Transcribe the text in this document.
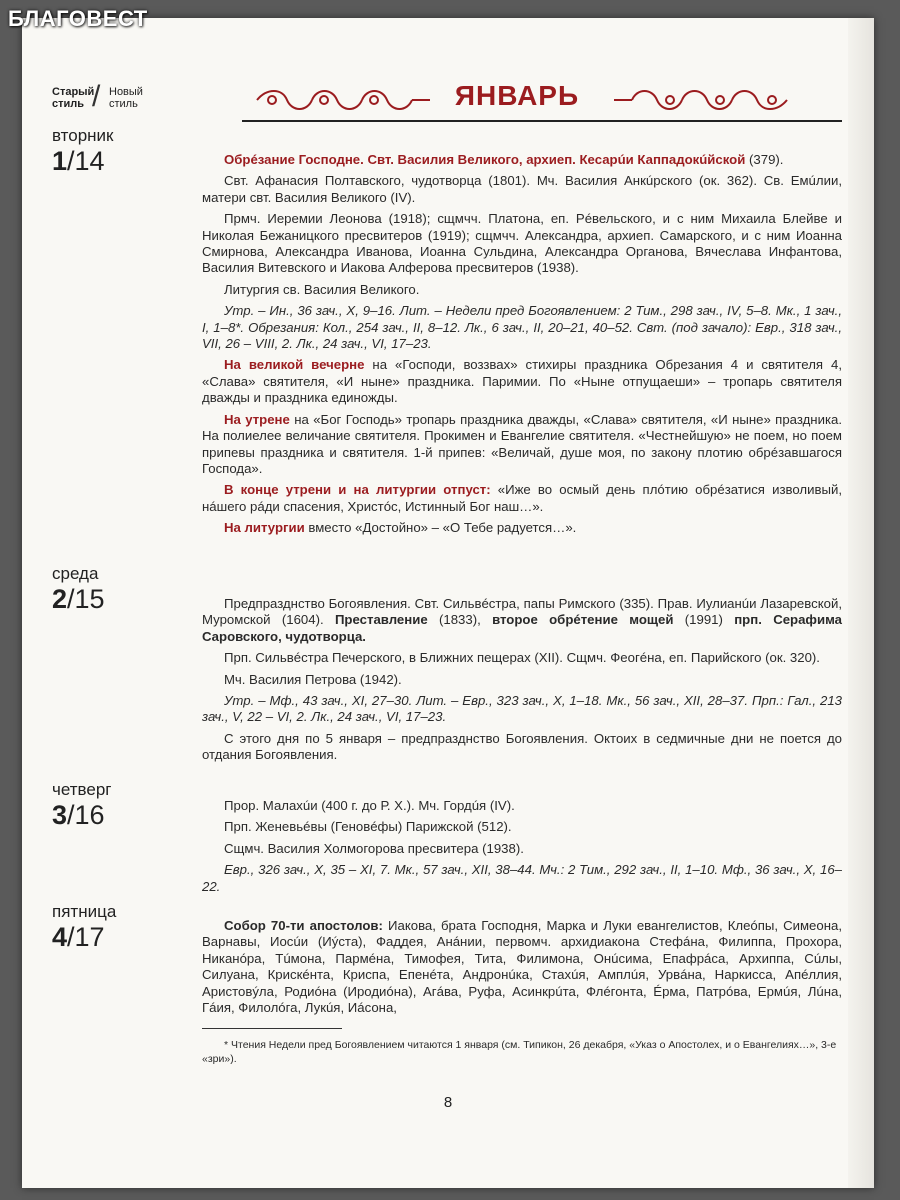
Старый стиль / Новый стиль	ЯНВАРЬ
вторник
1/14	Обрéзание Господне. Свт. Василия Великого, архиеп. Кесарúи Каппадокúйской (379).

Свт. Афанасия Полтавского, чудотворца (1801). Мч. Василия Анкúрского (ок. 362). Св. Емúлии, матери свт. Василия Великого (IV).

Прмч. Иеремии Леонова (1918); сщмчч. Платона, еп. Рéвельского, и с ним Михаила Блейве и Николая Бежаницкого пресвитеров (1919); сщмчч. Александра, архиеп. Самарского, и с ним Иоанна Смирнова, Александра Иванова, Иоанна Сульдина, Александра Органова, Вячеслава Инфантова, Василия Витевского и Иакова Алферова пресвитеров (1938).

Литургия св. Василия Великого.

Утр. – Ин., 36 зач., X, 9–16. Лит. – Недели пред Богоявлением: 2 Тим., 298 зач., IV, 5–8. Мк., 1 зач., I, 1–8*. Обрезания: Кол., 254 зач., II, 8–12. Лк., 6 зач., II, 20–21, 40–52. Свт. (под зачало): Евр., 318 зач., VII, 26 – VIII, 2. Лк., 24 зач., VI, 17–23.

На великой вечерне на «Господи, воззвах» стихиры праздника Обрезания 4 и святителя 4, «Слава» святителя, «И ныне» праздника. Паримии. По «Ныне отпущаеши» – тропарь святителя дважды и праздника единожды.

На утрене на «Бог Господь» тропарь праздника дважды, «Слава» святителя, «И ныне» праздника. На полиелее величание святителя. Прокимен и Евангелие святителя. «Честнейшую» не поем, но поем припевы праздника и святителя. 1-й припев: «Величай, душе моя, по закону плотию обрéзавшагося Господа».

В конце утрени и на литургии отпуст: «Иже во осмый день плóтию обрéзатися изволивый, нáшего рáди спасения, Христóс, Истинный Бог наш…».

На литургии вместо «Достойно» – «О Тебе радуется…».

среда
2/15	Предпразднство Богоявления. Свт. Сильвéстра, папы Римского (335). Прав. Иулианúи Лазаревской, Муромской (1604). Преставление (1833), второе обрéтение мощей (1991) прп. Серафима Саровского, чудотворца.

Прп. Сильвéстра Печерского, в Ближних пещерах (XII). Сщмч. Феогéна, еп. Парийского (ок. 320).

Мч. Василия Петрова (1942).

Утр. – Мф., 43 зач., XI, 27–30. Лит. – Евр., 323 зач., X, 1–18. Мк., 56 зач., XII, 28–37. Прп.: Гал., 213 зач., V, 22 – VI, 2. Лк., 24 зач., VI, 17–23.

С этого дня по 5 января – предпразднство Богоявления. Октоих в седмичные дни не поется до отдания Богоявления.

четверг
3/16	Прор. Малахúи (400 г. до Р. Х.). Мч. Гордúя (IV).

Прп. Женевьéвы (Геновéфы) Парижской (512).

Сщмч. Василия Холмогорова пресвитера (1938).

Евр., 326 зач., X, 35 – XI, 7. Мк., 57 зач., XII, 38–44. Мч.: 2 Тим., 292 зач., II, 1–10. Мф., 36 зач., X, 16–22.

пятница
4/17	Собор 70-ти апостолов: Иакова, брата Господня, Марка и Луки евангелистов, Клеóпы, Симеона, Варнавы, Иосúи (Иýста), Фаддея, Анáнии, первомч. архидиакона Стефáна, Филиппа, Прохора, Никанóра, Тúмона, Пармéна, Тимофея, Тита, Филимона, Онúсима, Епафрáса, Архиппа, Сúлы, Силуана, Крискéнта, Криспа, Епенéта, Андронúка, Стахúя, Амплúя, Урвáна, Наркисса, Апéллия, Аристовýла, Родиóна (Иродиóна), Агáва, Руфа, Асинкрúта, Флéгонта, Éрма, Патрóва, Ермúя, Лúна, Гáия, Филолóга, Лукúя, Иáсона,

* Чтения Недели пред Богоявлением читаются 1 января (см. Типикон, 26 декабря, «Указ о Апостолех, и о Евангелиях…», 3-е «зри»).
8
БЛАГОВЕСТ
